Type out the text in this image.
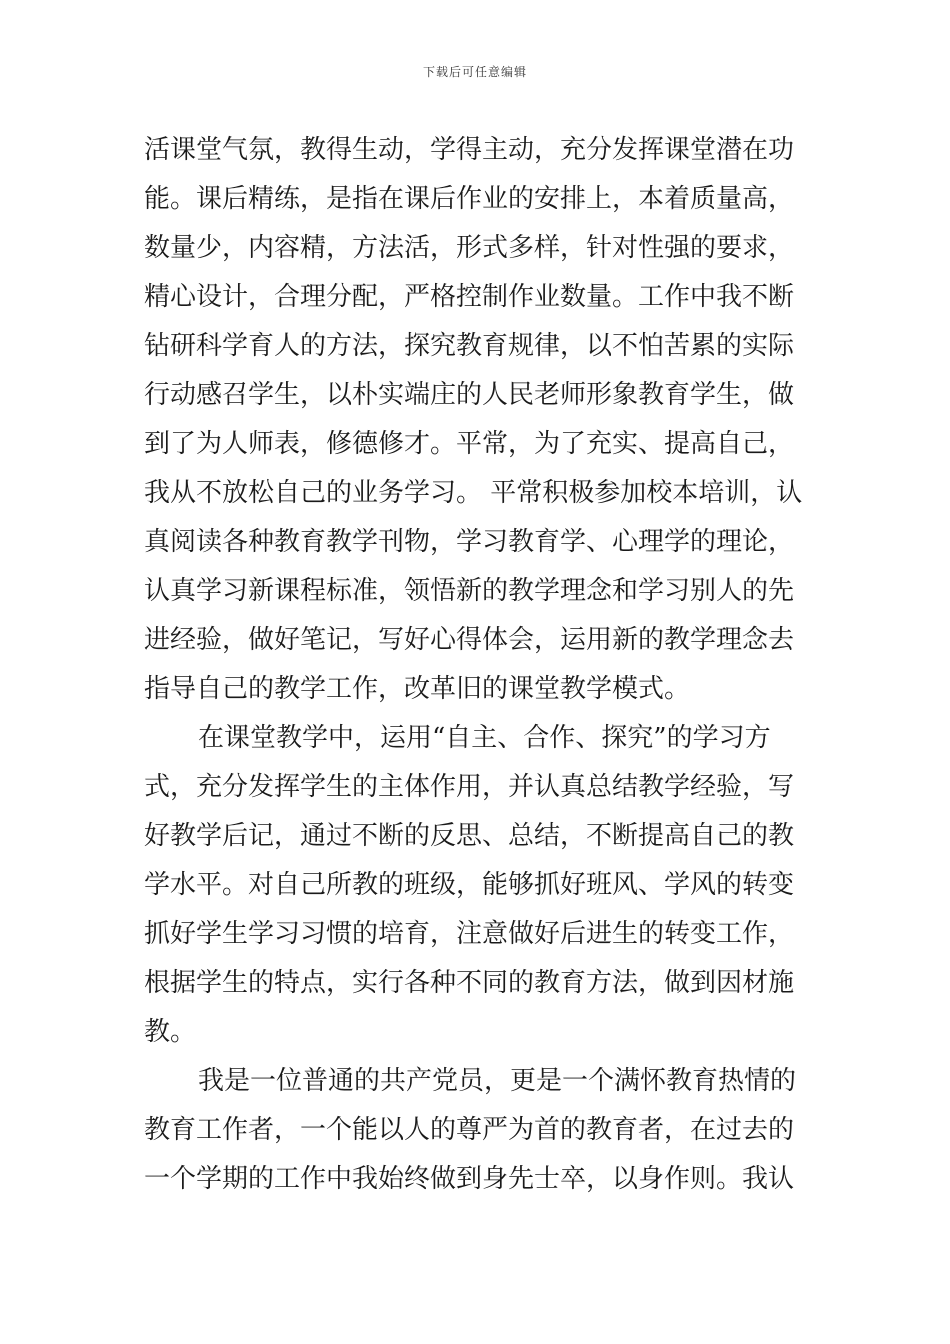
下载后可任意编辑
活课堂气氛，教得生动，学得主动，充分发挥课堂潜在功
能。课后精练，是指在课后作业的安排上，本着质量高，
数量少，内容精，方法活，形式多样，针对性强的要求，
精心设计，合理分配，严格控制作业数量。工作中我不断
钻研科学育人的方法，探究教育规律，以不怕苦累的实际
行动感召学生，以朴实端庄的人民老师形象教育学生，做
到了为人师表，修德修才。平常，为了充实、提高自己，
我从不放松自己的业务学习。 平常积极参加校本培训，认
真阅读各种教育教学刊物，学习教育学、心理学的理论，
认真学习新课程标准，领悟新的教学理念和学习别人的先
进经验，做好笔记，写好心得体会，运用新的教学理念去
指导自己的教学工作，改革旧的课堂教学模式。
在课堂教学中，运用“自主、合作、探究”的学习方
式，充分发挥学生的主体作用，并认真总结教学经验，写
好教学后记，通过不断的反思、总结，不断提高自己的教
学水平。对自己所教的班级，能够抓好班风、学风的转变
抓好学生学习习惯的培育，注意做好后进生的转变工作，
根据学生的特点，实行各种不同的教育方法，做到因材施
教。
我是一位普通的共产党员，更是一个满怀教育热情的
教育工作者，一个能以人的尊严为首的教育者，在过去的
一个学期的工作中我始终做到身先士卒，以身作则。我认
